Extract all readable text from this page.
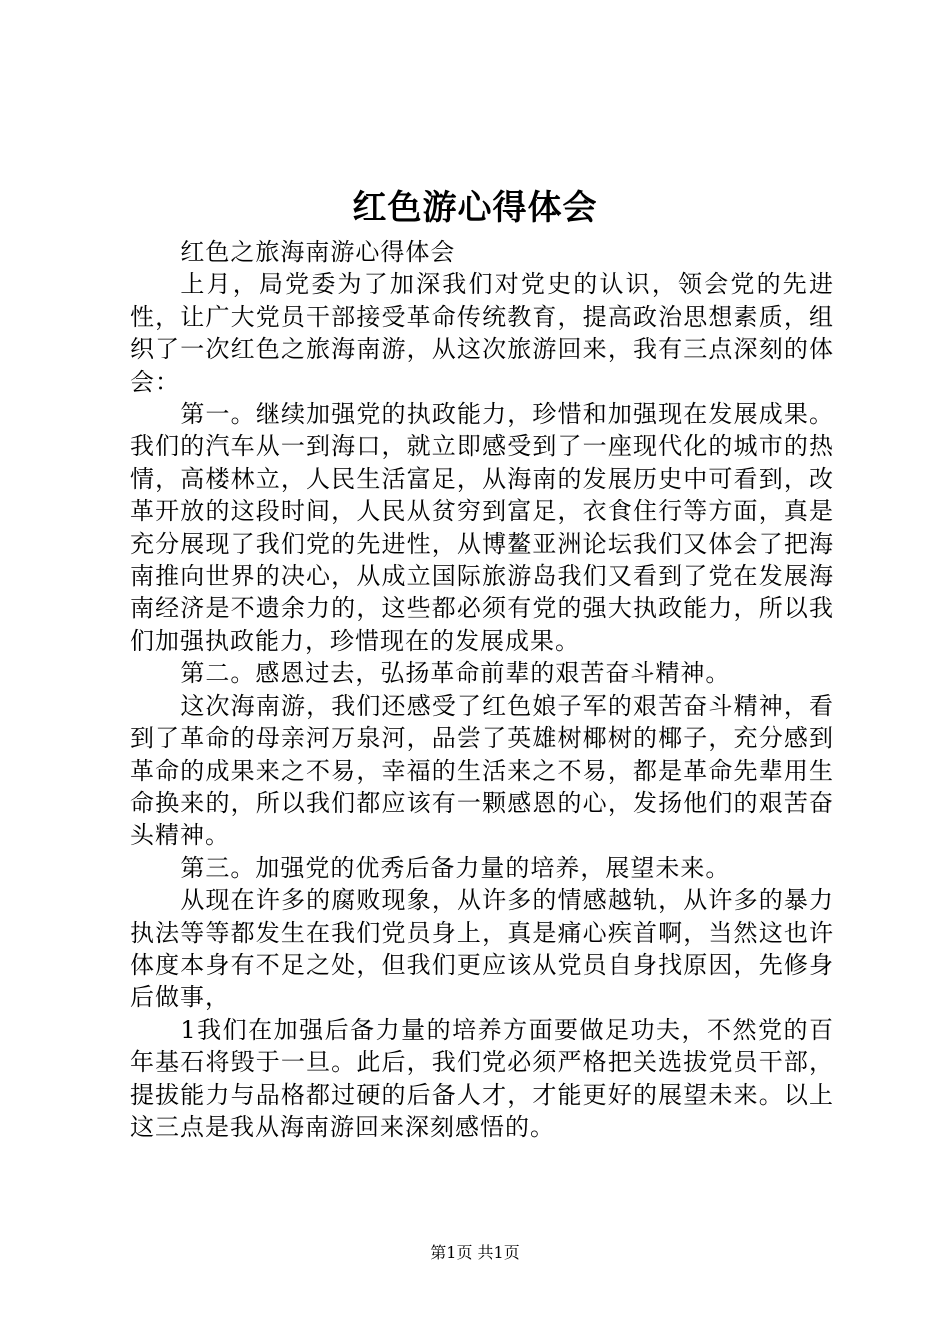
红色游心得体会

红色之旅海南游心得体会

上月，局党委为了加深我们对党史的认识，领会党的先进性，让广大党员干部接受革命传统教育，提高政治思想素质，组织了一次红色之旅海南游，从这次旅游回来，我有三点深刻的体会：

第一。继续加强党的执政能力，珍惜和加强现在发展成果。我们的汽车从一到海口，就立即感受到了一座现代化的城市的热情，高楼林立，人民生活富足，从海南的发展历史中可看到，改革开放的这段时间，人民从贫穷到富足，衣食住行等方面，真是充分展现了我们党的先进性，从博鳌亚洲论坛我们又体会了把海南推向世界的决心，从成立国际旅游岛我们又看到了党在发展海南经济是不遗余力的，这些都必须有党的强大执政能力，所以我们加强执政能力，珍惜现在的发展成果。

第二。感恩过去，弘扬革命前辈的艰苦奋斗精神。

这次海南游，我们还感受了红色娘子军的艰苦奋斗精神，看到了革命的母亲河万泉河，品尝了英雄树椰树的椰子，充分感到革命的成果来之不易，幸福的生活来之不易，都是革命先辈用生命换来的，所以我们都应该有一颗感恩的心，发扬他们的艰苦奋头精神。

第三。加强党的优秀后备力量的培养，展望未来。

从现在许多的腐败现象，从许多的情感越轨，从许多的暴力执法等等都发生在我们党员身上，真是痛心疾首啊，当然这也许体度本身有不足之处，但我们更应该从党员自身找原因，先修身后做事，

1我们在加强后备力量的培养方面要做足功夫，不然党的百年基石将毁于一旦。此后，我们党必须严格把关选拔党员干部，提拔能力与品格都过硬的后备人才，才能更好的展望未来。以上这三点是我从海南游回来深刻感悟的。

第1页 共1页
